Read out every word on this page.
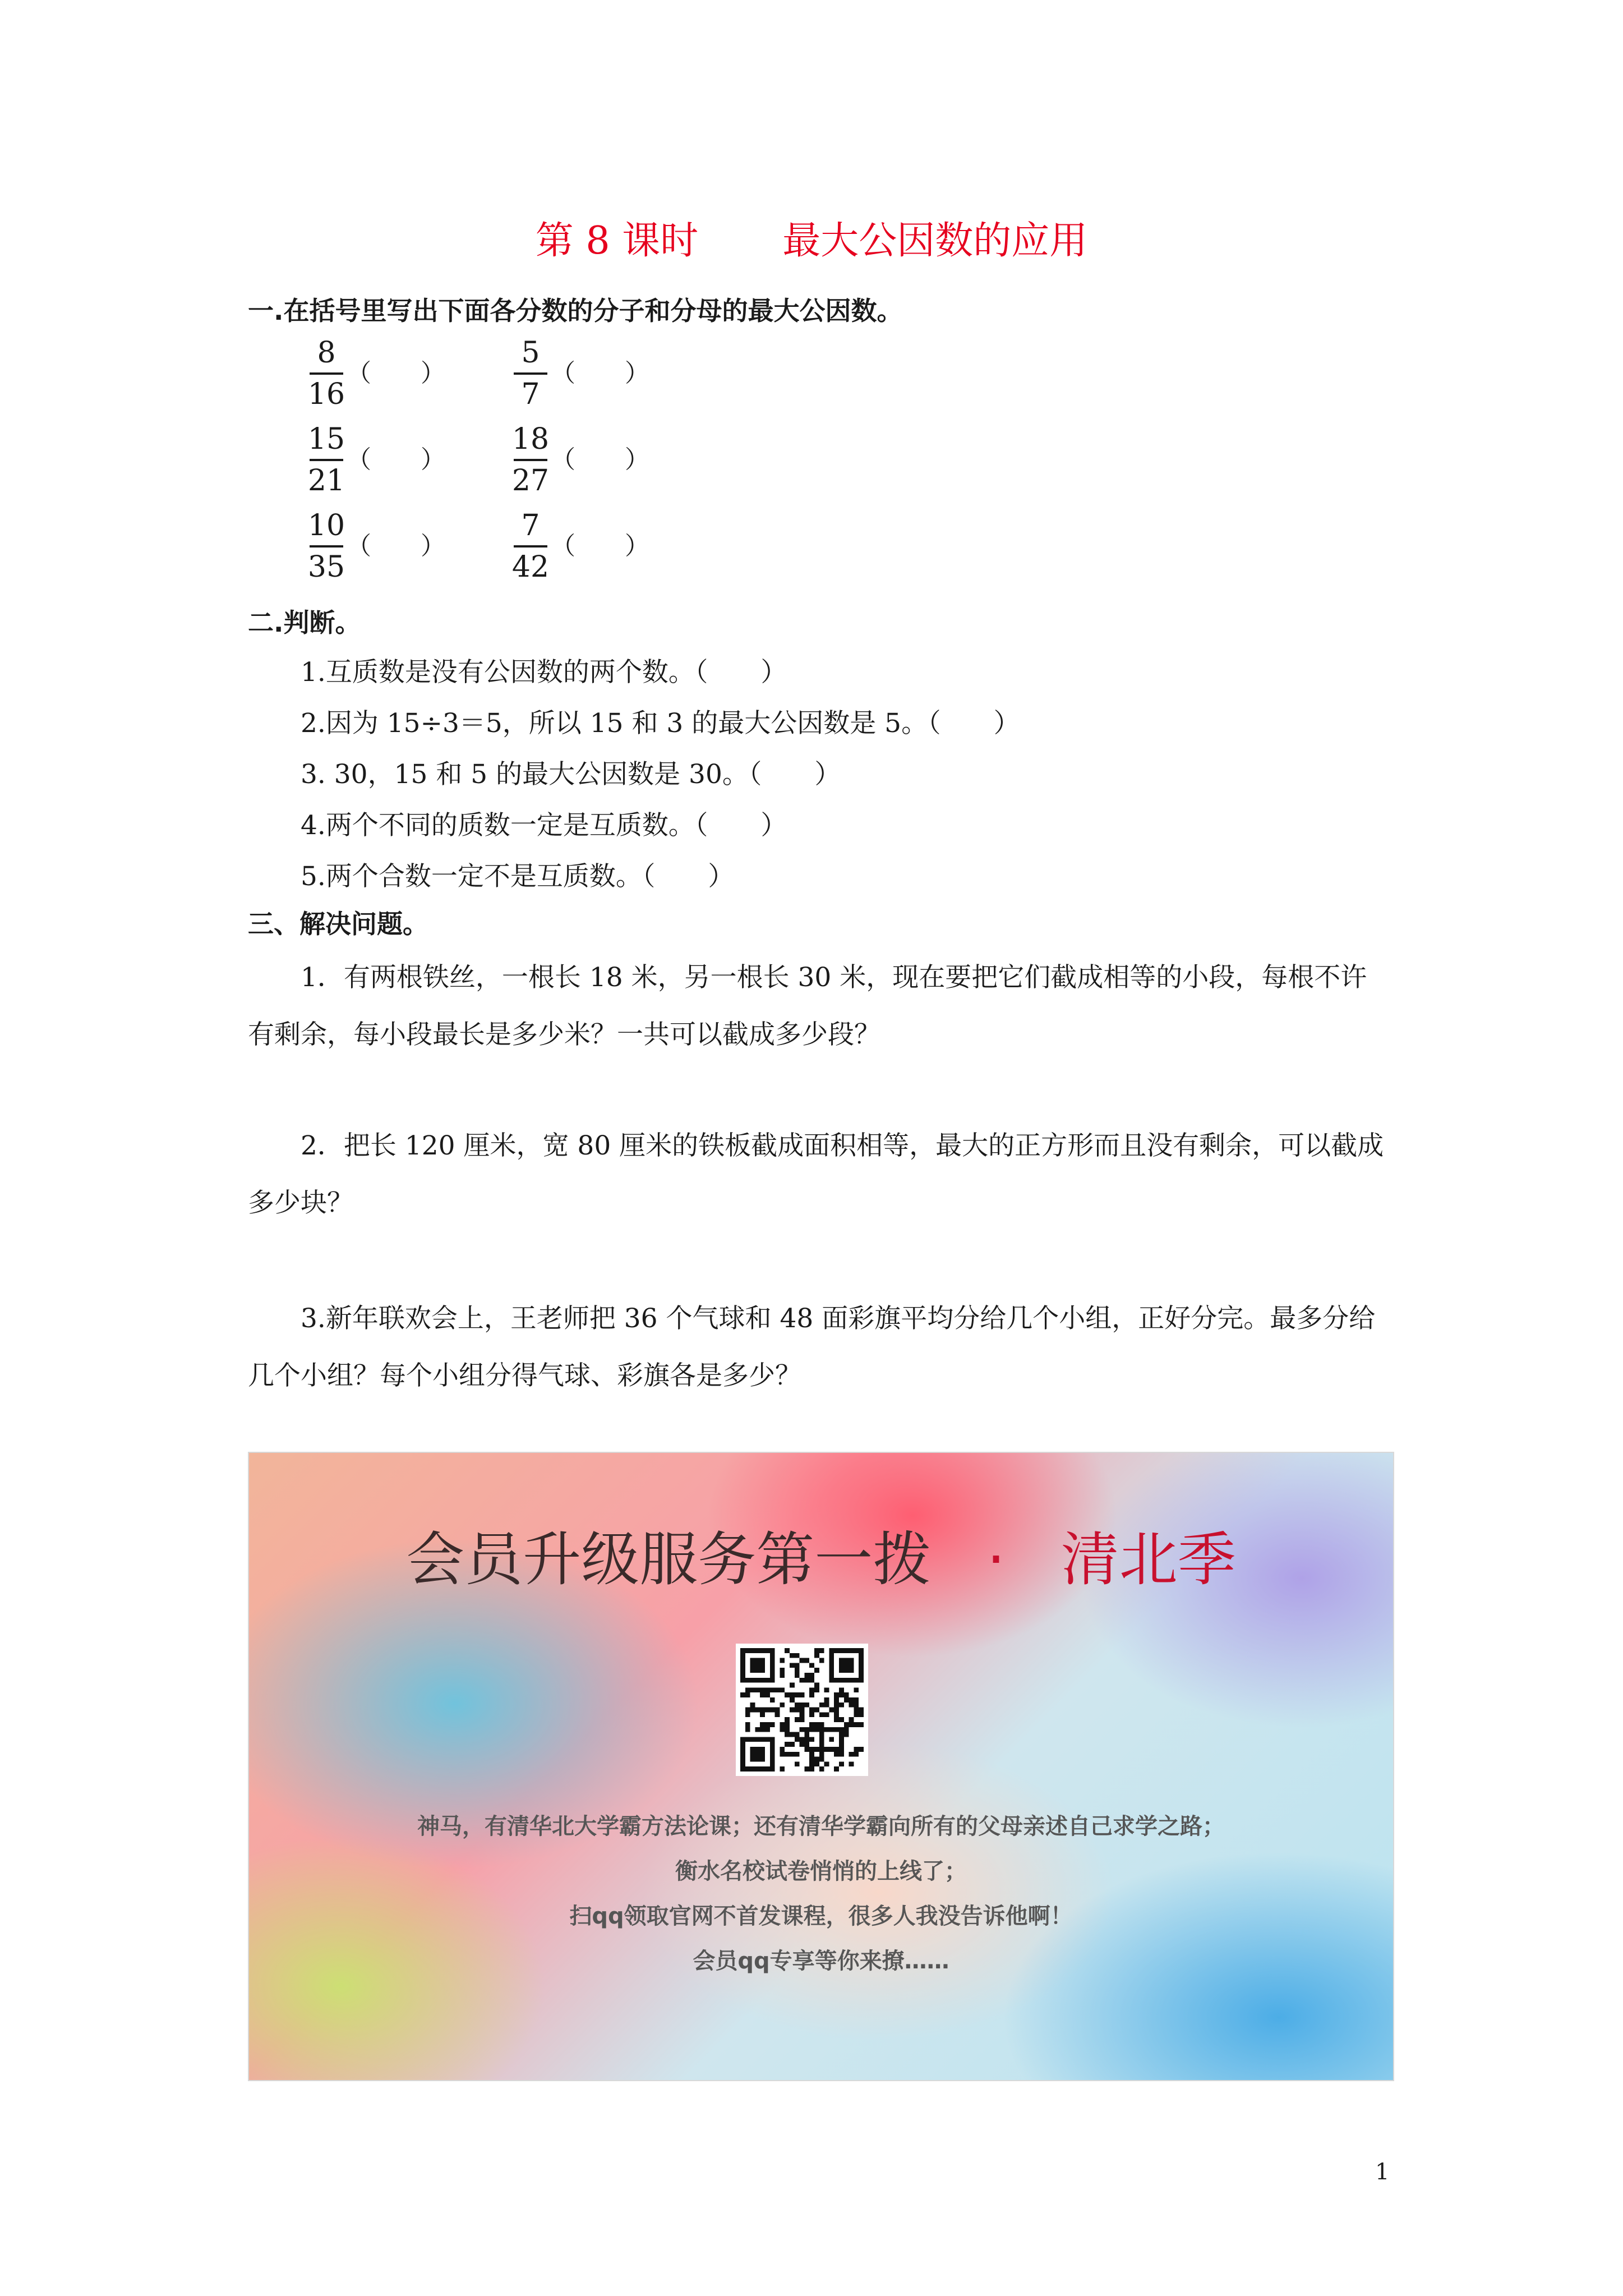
第 8 课时 最大公因数的应用
一.在括号里写出下面各分数的分子和分母的最大公因数。
$\frac{8}{16}$ （　　） $\frac{5}{7}$ （　　）
$\frac{15}{21}$ （　　） $\frac{18}{27}$ （　　）
$\frac{10}{35}$ （　　） $\frac{7}{42}$ （　　）
二.判断。
1.互质数是没有公因数的两个数。（　　）
2.因为 15÷3＝5，所以 15 和 3 的最大公因数是 5。（　　）
3. 30，15 和 5 的最大公因数是 30。（　　）
4.两个不同的质数一定是互质数。（　　）
5.两个合数一定不是互质数。（　　）
三、解决问题。
1．有两根铁丝，一根长 18 米，另一根长 30 米，现在要把它们截成相等的小段，每根不许有剩余，每小段最长是多少米？一共可以截成多少段？
2．把长 120 厘米，宽 80 厘米的铁板截成面积相等，最大的正方形而且没有剩余，可以截成多少块？
3.新年联欢会上，王老师把 36 个气球和 48 面彩旗平均分给几个小组，正好分完。最多分给几个小组？每个小组分得气球、彩旗各是多少？
会员升级服务第一拨 · 清北季
神马，有清华北大学霸方法论课；还有清华学霸向所有的父母亲述自己求学之路；
衡水名校试卷悄悄的上线了；
扫qq领取官网不首发课程，很多人我没告诉他啊！
会员qq专享等你来撩……
1
